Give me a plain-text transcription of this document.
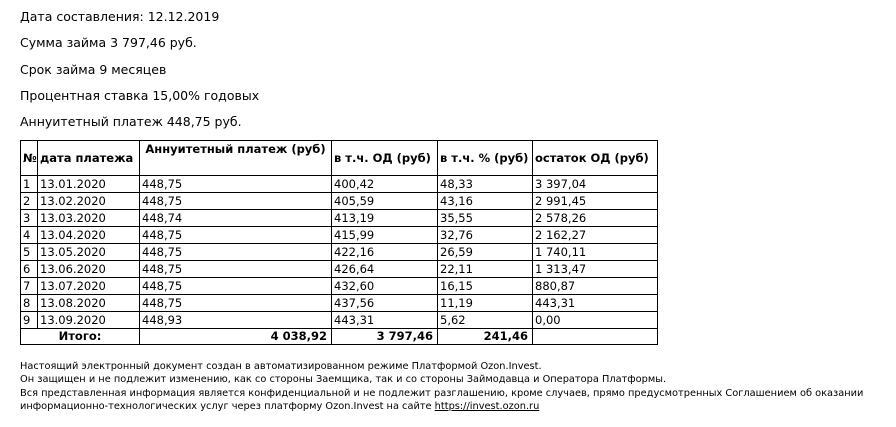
Дата составления: 12.12.2019
Сумма займа 3 797,46 руб.
Срок займа 9 месяцев
Процентная ставка 15,00% годовых
Аннуитетный платеж 448,75 руб.
№	дата платежа	Аннуитетный платеж (руб)	в т.ч. ОД (руб)	в т.ч. % (руб)	остаток ОД (руб)
1	13.01.2020	448,75	400,42	48,33	3 397,04
2	13.02.2020	448,75	405,59	43,16	2 991,45
3	13.03.2020	448,74	413,19	35,55	2 578,26
4	13.04.2020	448,75	415,99	32,76	2 162,27
5	13.05.2020	448,75	422,16	26,59	1 740,11
6	13.06.2020	448,75	426,64	22,11	1 313,47
7	13.07.2020	448,75	432,60	16,15	880,87
8	13.08.2020	448,75	437,56	11,19	443,31
9	13.09.2020	448,93	443,31	5,62	0,00
Итого:		4 038,92	3 797,46	241,46	
Настоящий электронный документ создан в автоматизированном режиме Платформой Ozon.Invest.
Он защищен и не подлежит изменению, как со стороны Заемщика, так и со стороны Займодавца и Оператора Платформы.
Вся представленная информация является конфиденциальной и не подлежит разглашению, кроме случаев, прямо предусмотренных Соглашением об оказании
информационно-технологических услуг через платформу Ozon.Invest на сайте https://invest.ozon.ru
